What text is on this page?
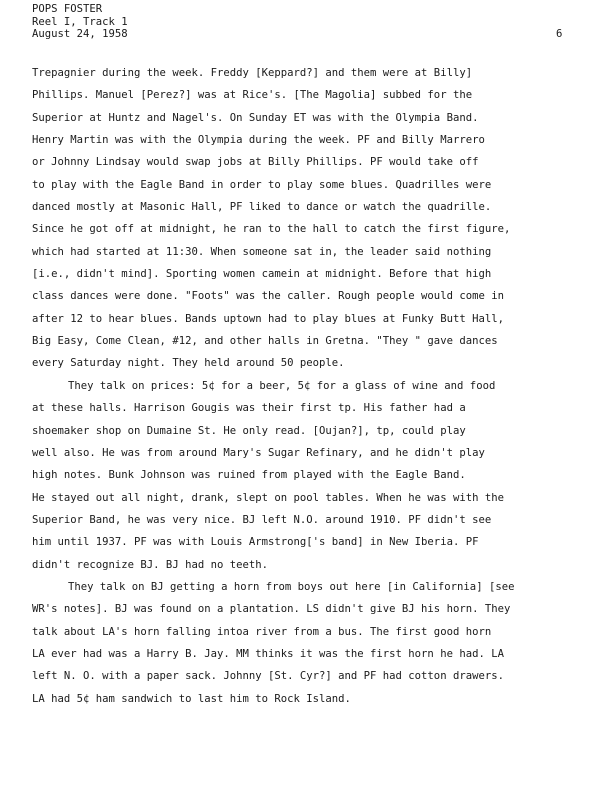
POPS FOSTER
Reel I, Track 1
August 24, 1958	6

Trepagnier during the week. Freddy [Keppard?] and them were at Billy]
Phillips. Manuel [Perez?] was at Rice's. [The Magolia] subbed for the
Superior at Huntz and Nagel's. On Sunday ET was with the Olympia Band.
Henry Martin was with the Olympia during the week. PF and Billy Marrero
or Johnny Lindsay would swap jobs at Billy Phillips. PF would take off
to play with the Eagle Band in order to play some blues. Quadrilles were
danced mostly at Masonic Hall, PF liked to dance or watch the quadrille.
Since he got off at midnight, he ran to the hall to catch the first figure,
which had started at 11:30. When someone sat in, the leader said nothing
[i.e., didn't mind]. Sporting women camein at midnight. Before that high
class dances were done. "Foots" was the caller. Rough people would come in
after 12 to hear blues. Bands uptown had to play blues at Funky Butt Hall,
Big Easy, Come Clean, #12, and other halls in Gretna. "They " gave dances
every Saturday night. They held around 50 people.

They talk on prices: 5¢ for a beer, 5¢ for a glass of wine and food
at these halls. Harrison Gougis was their first tp. His father had a
shoemaker shop on Dumaine St. He only read. [Oujan?], tp, could play
well also. He was from around Mary's Sugar Refinary, and he didn't play
high notes. Bunk Johnson was ruined from played with the Eagle Band.
He stayed out all night, drank, slept on pool tables. When he was with the
Superior Band, he was very nice. BJ left N.O. around 1910. PF didn't see
him until 1937. PF was with Louis Armstrong['s band] in New Iberia. PF
didn't recognize BJ. BJ had no teeth.

They talk on BJ getting a horn from boys out here [in California] [see
WR's notes]. BJ was found on a plantation. LS didn't give BJ his horn. They
talk about LA's horn falling intoa river from a bus. The first good horn
LA ever had was a Harry B. Jay. MM thinks it was the first horn he had. LA
left N. O. with a paper sack. Johnny [St. Cyr?] and PF had cotton drawers.
LA had 5¢ ham sandwich to last him to Rock Island.
